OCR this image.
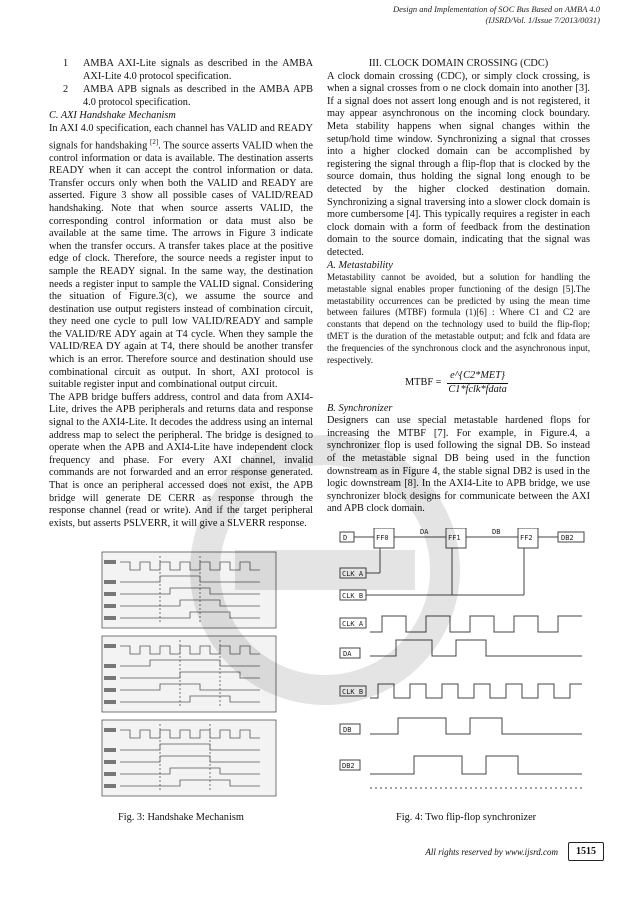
Design and Implementation of SOC Bus Based on AMBA 4.0
(IJSRD/Vol. 1/Issue 7/2013/0031)
1	AMBA AXI-Lite signals as described in the AMBA AXI-Lite 4.0 protocol specification.
2	AMBA APB signals as described in the AMBA APB 4.0 protocol specification.

C. AXI Handshake Mechanism

In AXI 4.0 specification, each channel has VALID and READY signals for handshaking [2]. The source asserts VALID when the control information or data is available. The destination asserts READY when it can accept the control information or data. Transfer occurs only when both the VALID and READY are asserted. Figure 3 show all possible cases of VALID/READ handshaking. Note that when source asserts VALID, the corresponding control information or data must also be available at the same time. The arrows in Figure 3 indicate when the transfer occurs. A transfer takes place at the positive edge of clock. Therefore, the source needs a register input to sample the READY signal. In the same way, the destination needs a register input to sample the VALID signal. Considering the situation of Figure.3(c), we assume the source and destination use output registers instead of combination circuit, they need one cycle to pull low VALID/READY and sample the VALID/RE ADY again at T4 cycle. When they sample the VALID/REA DY again at T4, there should be another transfer which is an error. Therefore source and destination should use combinational circuit as output. In short, AXI protocol is suitable register input and combinational output circuit.

The APB bridge buffers address, control and data from AXI4-Lite, drives the APB peripherals and returns data and response signal to the AXI4-Lite. It decodes the address using an internal address map to select the peripheral. The bridge is designed to operate when the APB and AXI4-Lite have independent clock frequency and phase. For every AXI channel, invalid commands are not forwarded and an error response generated. That is once an peripheral accessed does not exist, the APB bridge will generate DE CERR as response through the response channel (read or write). And if the target peripheral exists, but asserts PSLVERR, it will give a SLVERR response.

Fig. 3: Handshake Mechanism

III. CLOCK DOMAIN CROSSING (CDC)

A clock domain crossing (CDC), or simply clock crossing, is when a signal crosses from o ne clock domain into another [3]. If a signal does not assert long enough and is not registered, it may appear asynchronous on the incoming clock boundary. Meta stability happens when signal changes within the setup/hold time window. Synchronizing a signal that crosses into a higher clocked domain can be accomplished by registering the signal through a flip-flop that is clocked by the source domain, thus holding the signal long enough to be detected by the higher clocked destination domain. Synchronizing a signal traversing into a slower clock domain is more cumbersome [4]. This typically requires a register in each clock domain with a form of feedback from the destination domain to the source domain, indicating that the signal was detected.

A. Metastability

Metastability cannot be avoided, but a solution for handling the metastable signal enables proper functioning of the design [5].The metastability occurrences can be predicted by using the mean time between failures (MTBF) formula (1)[6] : Where C1 and C2 are constants that depend on the technology used to build the flip-flop; tMET is the duration of the metastable output; and fclk and fdata are the frequencies of the synchronous clock and the asynchronous input, respectively.

MTBF = $\frac{\text{e\textasciicircum{}\{C2*MET\}}}{\text{C1*fclk*fdata}}$

B. Synchronizer

Designers can use special metastable hardened flops for increasing the MTBF [7]. For example, in Figure.4, a synchronizer flop is used following the signal DB. So instead of the metastable signal DB being used in the function downstream as in Figure 4, the stable signal DB2 is used in the logic downstream [8]. In the AXI4-Lite to APB bridge, we use synchronizer block designs for communicate between the AXI and APB clock domain.

D	FF0	FF1	FF2
DA	DB
DB2
CLK_A
CLK_B
CLK_A
DA
CLK_B
DB
DB2
Fig. 4: Two flip-flop synchronizer
All rights reserved by www.ijsrd.com	1515
